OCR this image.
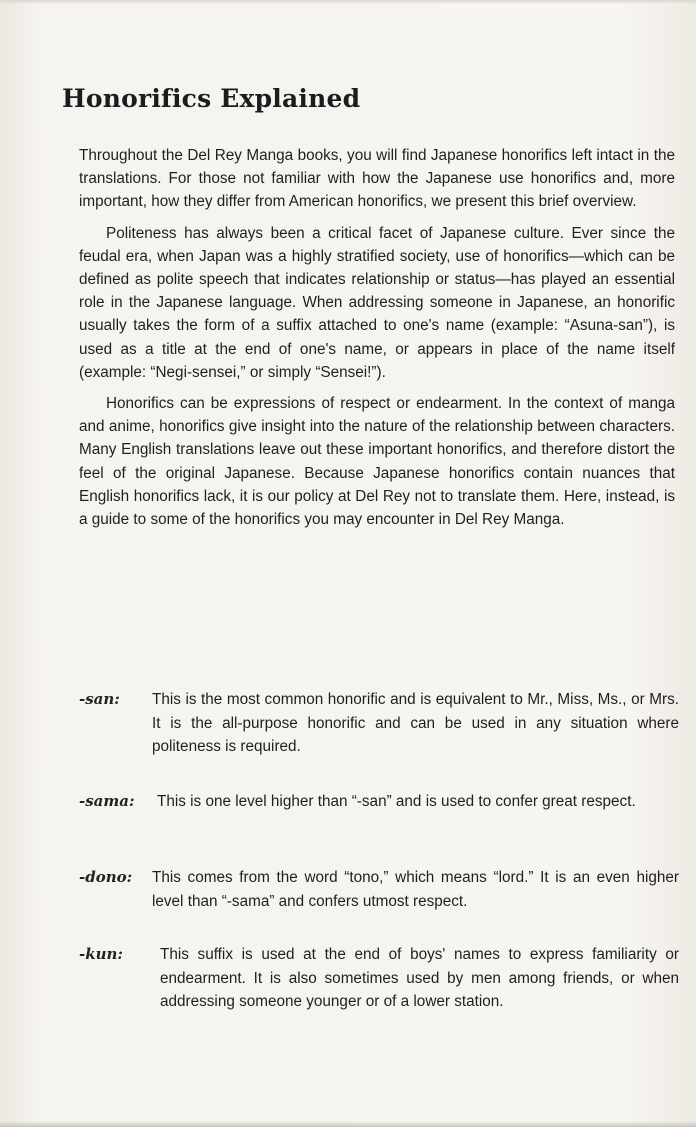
Honorifics Explained

Throughout the Del Rey Manga books, you will find Japanese honorifics left intact in the translations. For those not familiar with how the Japanese use honorifics and, more important, how they differ from American honorifics, we present this brief overview.

Politeness has always been a critical facet of Japanese culture. Ever since the feudal era, when Japan was a highly stratified society, use of honorifics—which can be defined as polite speech that indicates relationship or status—has played an essential role in the Japanese language. When addressing someone in Japanese, an honorific usually takes the form of a suffix attached to one's name (example: “Asuna-san”), is used as a title at the end of one's name, or appears in place of the name itself (example: “Negi-sensei,” or simply “Sensei!”).

Honorifics can be expressions of respect or endearment. In the context of manga and anime, honorifics give insight into the nature of the relationship between characters. Many English translations leave out these important honorifics, and therefore distort the feel of the original Japanese. Because Japanese honorifics contain nuances that English honorifics lack, it is our policy at Del Rey not to translate them. Here, instead, is a guide to some of the honorifics you may encounter in Del Rey Manga.

-san: This is the most common honorific and is equivalent to Mr., Miss, Ms., or Mrs. It is the all-purpose honorific and can be used in any situation where politeness is required.
-sama: This is one level higher than “-san” and is used to confer great respect.
-dono: This comes from the word “tono,” which means “lord.” It is an even higher level than “-sama” and confers utmost respect.
-kun: This suffix is used at the end of boys' names to express familiarity or endearment. It is also sometimes used by men among friends, or when addressing someone younger or of a lower station.
